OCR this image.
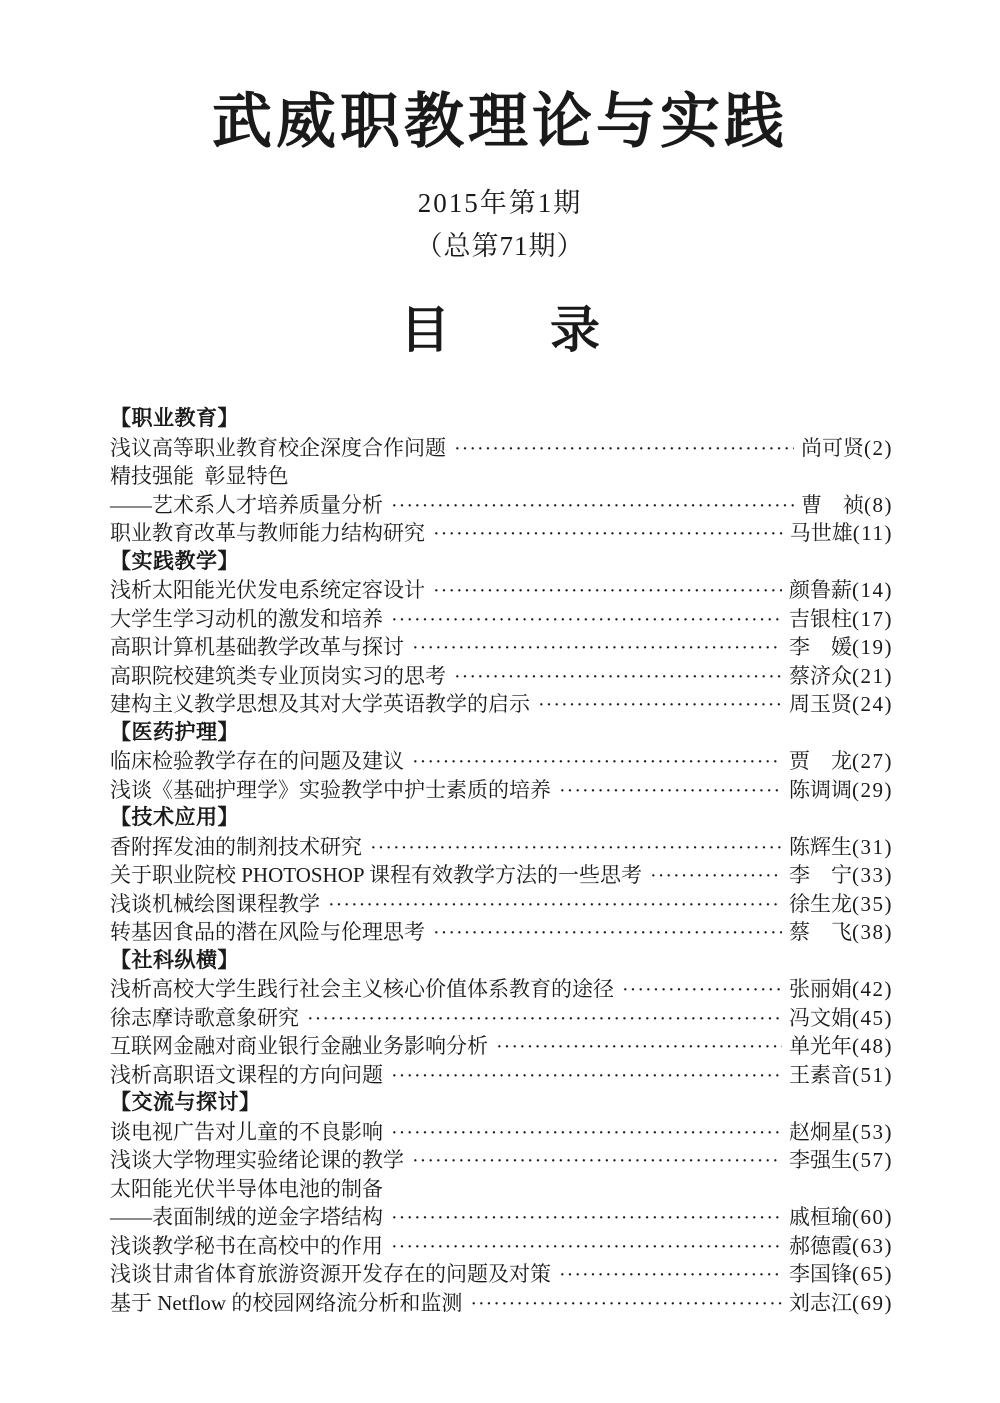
武威职教理论与实践
2015年第1期
（总第71期）
目　　录
【职业教育】
浅议高等职业教育校企深度合作问题 ·····	尚可贤 (2)
精技强能 彰显特色
——艺术系人才培养质量分析 ·····	曹　祯 (8)
职业教育改革与教师能力结构研究 ·····	马世雄 (11)
【实践教学】
浅析太阳能光伏发电系统定容设计 ·····	颜鲁薪 (14)
大学生学习动机的激发和培养 ·····	吉银柱 (17)
高职计算机基础教学改革与探讨 ·····	李　媛 (19)
高职院校建筑类专业顶岗实习的思考 ·····	蔡济众 (21)
建构主义教学思想及其对大学英语教学的启示 ·····	周玉贤 (24)
【医药护理】
临床检验教学存在的问题及建议 ·····	贾　龙 (27)
浅谈《基础护理学》实验教学中护士素质的培养 ·····	陈调调 (29)
【技术应用】
香附挥发油的制剂技术研究 ·····	陈辉生 (31)
关于职业院校 PHOTOSHOP 课程有效教学方法的一些思考 ·····	李　宁 (33)
浅谈机械绘图课程教学 ·····	徐生龙 (35)
转基因食品的潜在风险与伦理思考 ·····	蔡　飞 (38)
【社科纵横】
浅析高校大学生践行社会主义核心价值体系教育的途径 ·····	张丽娟 (42)
徐志摩诗歌意象研究 ·····	冯文娟 (45)
互联网金融对商业银行金融业务影响分析 ·····	单光年 (48)
浅析高职语文课程的方向问题 ·····	王素音 (51)
【交流与探讨】
谈电视广告对儿童的不良影响 ·····	赵炯星 (53)
浅谈大学物理实验绪论课的教学 ·····	李强生 (57)
太阳能光伏半导体电池的制备
——表面制绒的逆金字塔结构 ·····	戚桓瑜 (60)
浅谈教学秘书在高校中的作用 ·····	郝德霞 (63)
浅谈甘肃省体育旅游资源开发存在的问题及对策 ·····	李国锋 (65)
基于 Netflow 的校园网络流分析和监测 ·····	刘志江 (69)
